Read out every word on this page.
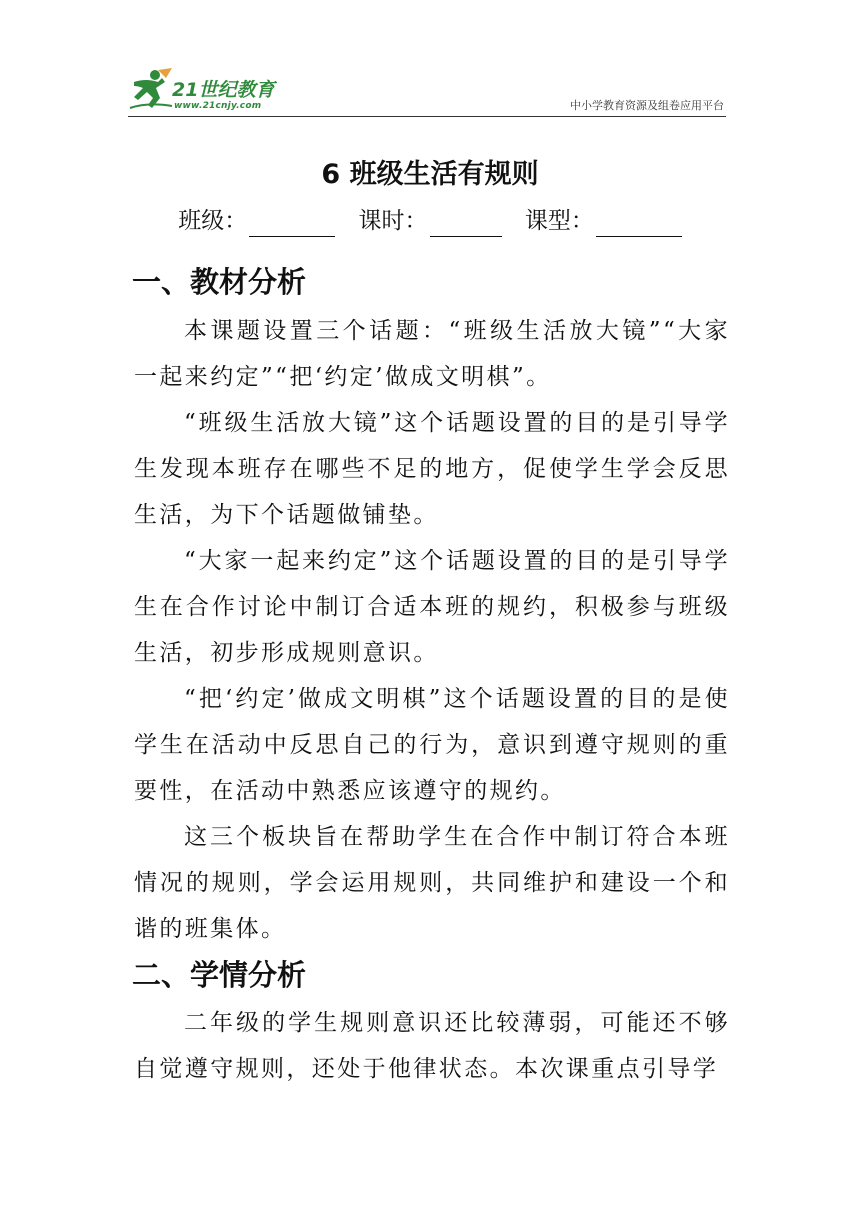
21世纪教育
www.21cnjy.com	中小学教育资源及组卷应用平台
6 班级生活有规则
班级：	课时：	课型：
一、教材分析

本课题设置三个话题：“班级生活放大镜”“大家一起来约定”“把‘约定’做成文明棋”。

“班级生活放大镜”这个话题设置的目的是引导学生发现本班存在哪些不足的地方，促使学生学会反思生活，为下个话题做铺垫。

“大家一起来约定”这个话题设置的目的是引导学生在合作讨论中制订合适本班的规约，积极参与班级生活，初步形成规则意识。

“把‘约定’做成文明棋”这个话题设置的目的是使学生在活动中反思自己的行为，意识到遵守规则的重要性，在活动中熟悉应该遵守的规约。

这三个板块旨在帮助学生在合作中制订符合本班情况的规则，学会运用规则，共同维护和建设一个和谐的班集体。

二、学情分析

二年级的学生规则意识还比较薄弱，可能还不够自觉遵守规则，还处于他律状态。本次课重点引导学
